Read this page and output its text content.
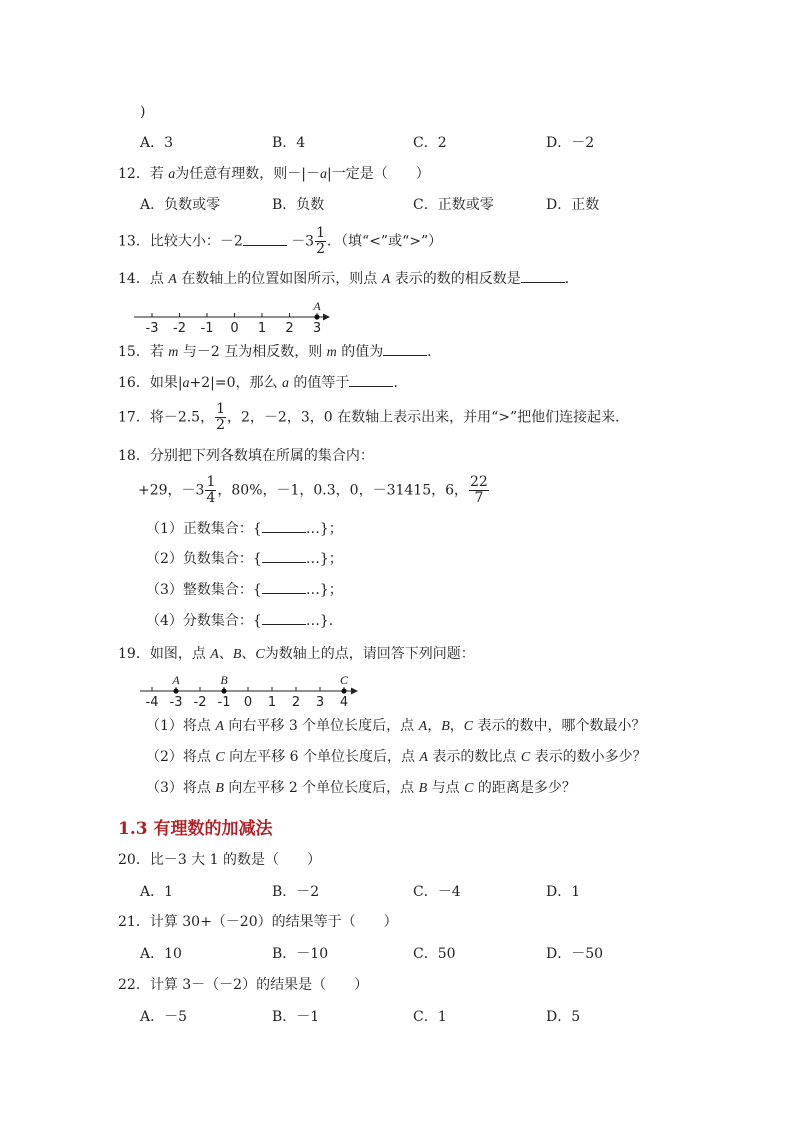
)
A．3	B．4	C．2	D．－2
12．若 a为任意有理数，则－|－a|一定是（　　）
A．负数或零	B．负数	C．正数或零	D．正数
13．比较大小：－2	$-3 \frac{1}{2}$ ．（填“<”或“>”）
14．点 A 在数轴上的位置如图所示，则点 A 表示的数的相反数是	．
-3 -2 -1 0 1 2 3
A
15．若 m 与－2 互为相反数，则 m 的值为	．
16．如果|a+2|=0，那么 a 的值等于	．
17．将－2.5， $\frac{1}{2}$ ，2，－2，3，0 在数轴上表示出来，并用“>”把他们连接起来．
18．分别把下列各数填在所属的集合内：
+29，$-3 \frac{1}{4}$ ，80%，－1，0.3，0，－31415，6， $\frac{22}{7}$
（1）正数集合：{	…}；
（2）负数集合：{	…}；
（3）整数集合：{	…}；
（4）分数集合：{	…}．
19．如图，点 A、B、C为数轴上的点，请回答下列问题：
-4 -3 -2 -1 0 1 2 3 4
A	B	C
（1）将点 A 向右平移 3 个单位长度后，点 A，B，C 表示的数中，哪个数最小？
（2）将点 C 向左平移 6 个单位长度后，点 A 表示的数比点 C 表示的数小多少？
（3）将点 B 向左平移 2 个单位长度后，点 B 与点 C 的距离是多少？
1.3 有理数的加减法
20．比－3 大 1 的数是（　　）
A．1	B．－2	C．－4	D．1
21．计算 30+（－20）的结果等于（　　）
A．10	B．－10	C．50	D．－50
22．计算 3－（－2）的结果是（　　）
A．－5	B．－1	C．1	D．5
